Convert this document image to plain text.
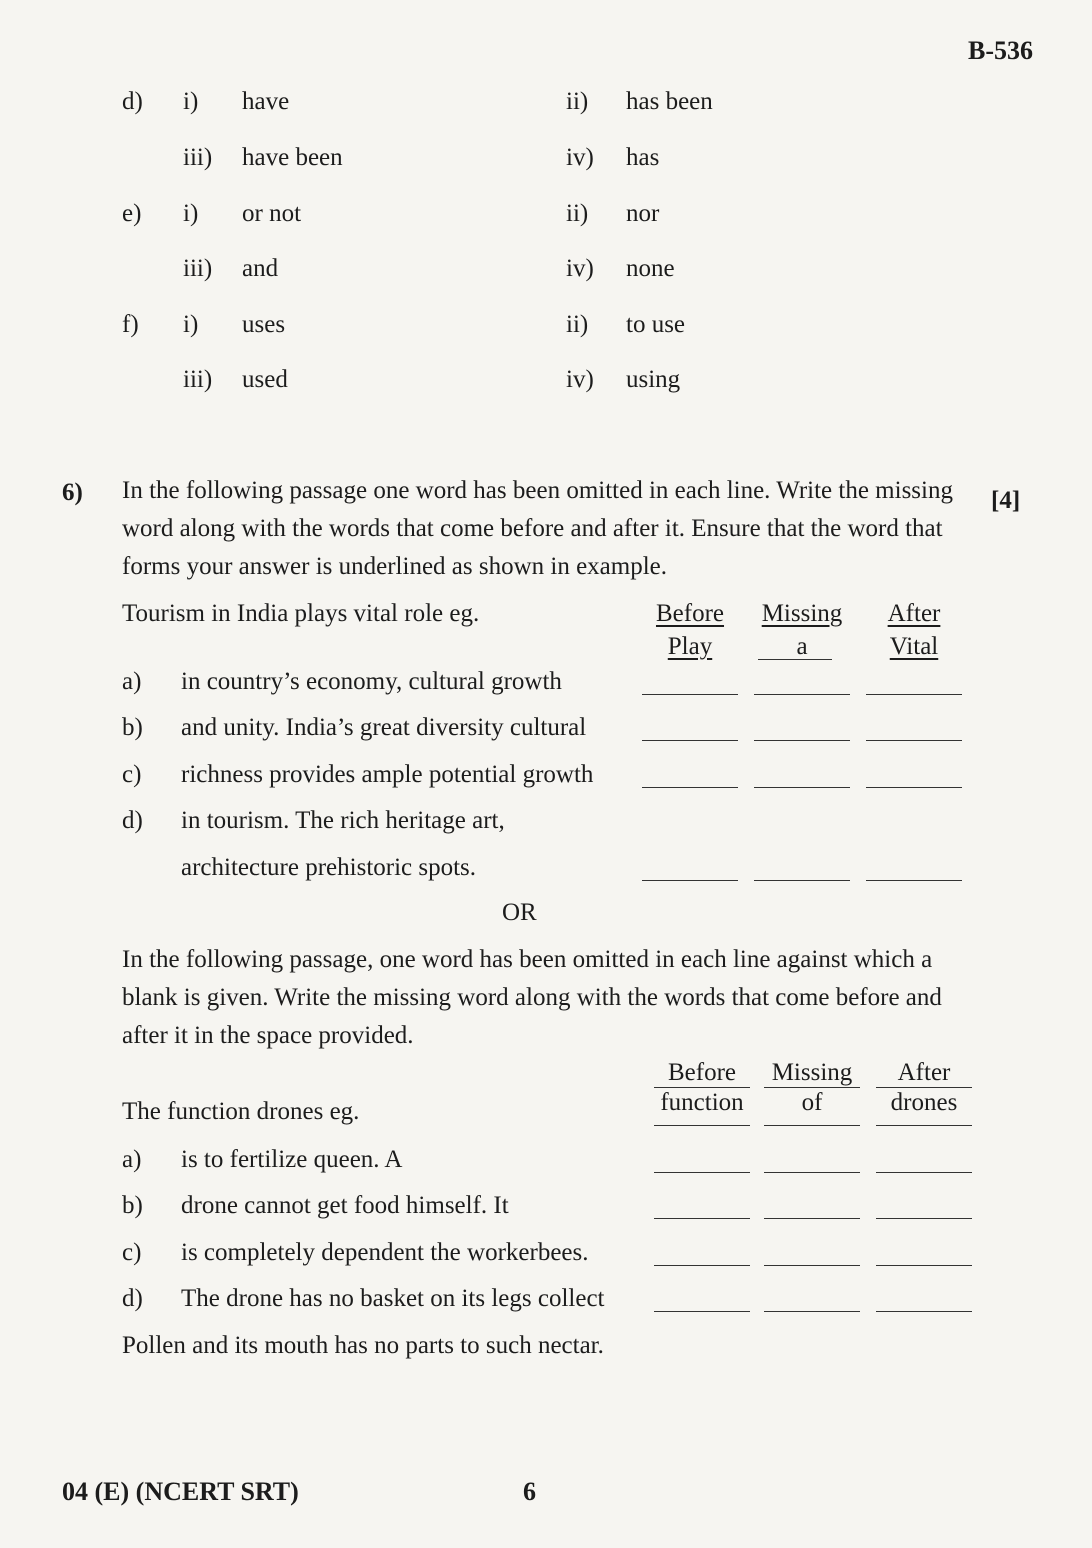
B-536
d) i) have	ii) has been
iii) have been	iv) has
e) i) or not	ii) nor
iii) and	iv) none
f) i) uses	ii) to use
iii) used	iv) using
6)	[4]
In the following passage one word has been omitted in each line. Write the missing
word along with the words that come before and after it. Ensure that the word that
forms your answer is underlined as shown in example.
Tourism in India plays vital role eg.	Before	Missing	After
Play	a	Vital
a) in country’s economy, cultural growth
b) and unity. India’s great diversity cultural
c) richness provides ample potential growth
d) in tourism. The rich heritage art,
architecture prehistoric spots.
OR
In the following passage, one word has been omitted in each line against which a
blank is given. Write the missing word along with the words that come before and
after it in the space provided.
Before	Missing	After
The function drones eg.	function	of	drones
a) is to fertilize queen. A
b) drone cannot get food himself. It
c) is completely dependent the workerbees.
d) The drone has no basket on its legs collect
Pollen and its mouth has no parts to such nectar.
04 (E) (NCERT SRT)	6
